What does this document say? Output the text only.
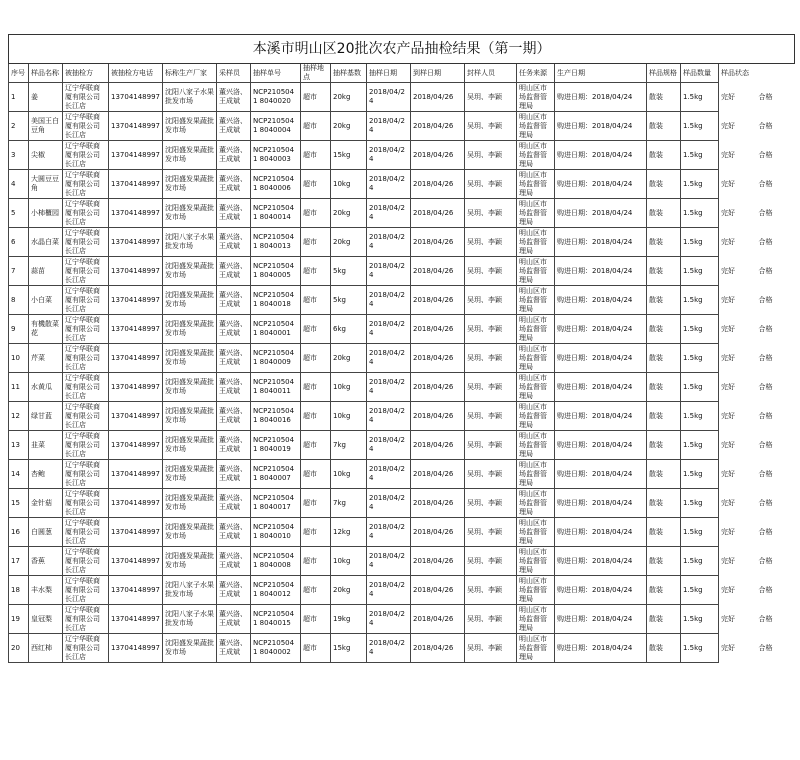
本溪市明山区20批次农产品抽检结果（第一期）																	
序号	样品名称	被抽检方	被抽检方电话	标称生产厂家	采样员	抽样单号	抽样地点	抽样基数	抽样日期	到样日期	封样人员	任务来源	生产日期	样品规格	样品数量	样品状态	
1	姜	辽宁华联商厦有限公司长江店	13704148997	沈阳八家子水果批发市场	董兴洛、王成斌	NCP2105041 8040020	超市	20kg	2018/04/2 4	2018/04/26	吴玥、李颖	明山区市场监督管理局	购进日期：2018/04/24	散装	1.5kg	完好	合格
2	美国王白豆角	辽宁华联商厦有限公司长江店	13704148997	沈阳盛发果蔬批发市场	董兴洛、王成斌	NCP2105041 8040004	超市	20kg	2018/04/2 4	2018/04/26	吴玥、李颖	明山区市场监督管理局	购进日期：2018/04/24	散装	1.5kg	完好	合格
3	尖椒	辽宁华联商厦有限公司长江店	13704148997	沈阳盛发果蔬批发市场	董兴洛、王成斌	NCP2105041 8040003	超市	15kg	2018/04/2 4	2018/04/26	吴玥、李颖	明山区市场监督管理局	购进日期：2018/04/24	散装	1.5kg	完好	合格
4	大圆豆豆角	辽宁华联商厦有限公司长江店	13704148997	沈阳盛发果蔬批发市场	董兴洛、王成斌	NCP2105041 8040006	超市	10kg	2018/04/2 4	2018/04/26	吴玥、李颖	明山区市场监督管理局	购进日期：2018/04/24	散装	1.5kg	完好	合格
5	小柿櫃园	辽宁华联商厦有限公司长江店	13704148997	沈阳盛发果蔬批发市场	董兴洛、王成斌	NCP2105041 8040014	超市	20kg	2018/04/2 4	2018/04/26	吴玥、李颖	明山区市场监督管理局	购进日期：2018/04/24	散装	1.5kg	完好	合格
6	水晶白菜	辽宁华联商厦有限公司长江店	13704148997	沈阳八家子水果批发市场	董兴洛、王成斌	NCP2105041 8040013	超市	20kg	2018/04/2 4	2018/04/26	吴玥、李颖	明山区市场监督管理局	购进日期：2018/04/24	散装	1.5kg	完好	合格
7	蒜苗	辽宁华联商厦有限公司长江店	13704148997	沈阳盛发果蔬批发市场	董兴洛、王成斌	NCP2105041 8040005	超市	5kg	2018/04/2 4	2018/04/26	吴玥、李颖	明山区市场监督管理局	购进日期：2018/04/24	散装	1.5kg	完好	合格
8	小白菜	辽宁华联商厦有限公司长江店	13704148997	沈阳盛发果蔬批发市场	董兴洛、王成斌	NCP2105041 8040018	超市	5kg	2018/04/2 4	2018/04/26	吴玥、李颖	明山区市场监督管理局	购进日期：2018/04/24	散装	1.5kg	完好	合格
9	有機散菜花	辽宁华联商厦有限公司长江店	13704148997	沈阳盛发果蔬批发市场	董兴洛、王成斌	NCP2105041 8040001	超市	6kg	2018/04/2 4	2018/04/26	吴玥、李颖	明山区市场监督管理局	购进日期：2018/04/24	散装	1.5kg	完好	合格
10	芹菜	辽宁华联商厦有限公司长江店	13704148997	沈阳盛发果蔬批发市场	董兴洛、王成斌	NCP2105041 8040009	超市	20kg	2018/04/2 4	2018/04/26	吴玥、李颖	明山区市场监督管理局	购进日期：2018/04/24	散装	1.5kg	完好	合格
11	水黄瓜	辽宁华联商厦有限公司长江店	13704148997	沈阳盛发果蔬批发市场	董兴洛、王成斌	NCP2105041 8040011	超市	10kg	2018/04/2 4	2018/04/26	吴玥、李颖	明山区市场监督管理局	购进日期：2018/04/24	散装	1.5kg	完好	合格
12	绿甘蓝	辽宁华联商厦有限公司长江店	13704148997	沈阳盛发果蔬批发市场	董兴洛、王成斌	NCP2105041 8040016	超市	10kg	2018/04/2 4	2018/04/26	吴玥、李颖	明山区市场监督管理局	购进日期：2018/04/24	散装	1.5kg	完好	合格
13	韭菜	辽宁华联商厦有限公司长江店	13704148997	沈阳盛发果蔬批发市场	董兴洛、王成斌	NCP2105041 8040019	超市	7kg	2018/04/2 4	2018/04/26	吴玥、李颖	明山区市场监督管理局	购进日期：2018/04/24	散装	1.5kg	完好	合格
14	杏鲍	辽宁华联商厦有限公司长江店	13704148997	沈阳盛发果蔬批发市场	董兴洛、王成斌	NCP2105041 8040007	超市	10kg	2018/04/2 4	2018/04/26	吴玥、李颖	明山区市场监督管理局	购进日期：2018/04/24	散装	1.5kg	完好	合格
15	金针菇	辽宁华联商厦有限公司长江店	13704148997	沈阳盛发果蔬批发市场	董兴洛、王成斌	NCP2105041 8040017	超市	7kg	2018/04/2 4	2018/04/26	吴玥、李颖	明山区市场监督管理局	购进日期：2018/04/24	散装	1.5kg	完好	合格
16	白圆葱	辽宁华联商厦有限公司长江店	13704148997	沈阳盛发果蔬批发市场	董兴洛、王成斌	NCP2105041 8040010	超市	12kg	2018/04/2 4	2018/04/26	吴玥、李颖	明山区市场监督管理局	购进日期：2018/04/24	散装	1.5kg	完好	合格
17	香蕉	辽宁华联商厦有限公司长江店	13704148997	沈阳盛发果蔬批发市场	董兴洛、王成斌	NCP2105041 8040008	超市	10kg	2018/04/2 4	2018/04/26	吴玥、李颖	明山区市场监督管理局	购进日期：2018/04/24	散装	1.5kg	完好	合格
18	丰水梨	辽宁华联商厦有限公司长江店	13704148997	沈阳八家子水果批发市场	董兴洛、王成斌	NCP2105041 8040012	超市	20kg	2018/04/2 4	2018/04/26	吴玥、李颖	明山区市场监督管理局	购进日期：2018/04/24	散装	1.5kg	完好	合格
19	皇冠梨	辽宁华联商厦有限公司长江店	13704148997	沈阳八家子水果批发市场	董兴洛、王成斌	NCP2105041 8040015	超市	19kg	2018/04/2 4	2018/04/26	吴玥、李颖	明山区市场监督管理局	购进日期：2018/04/24	散装	1.5kg	完好	合格
20	西红柿	辽宁华联商厦有限公司长江店	13704148997	沈阳盛发果蔬批发市场	董兴洛、王成斌	NCP2105041 8040002	超市	15kg	2018/04/2 4	2018/04/26	吴玥、李颖	明山区市场监督管理局	购进日期：2018/04/24	散装	1.5kg	完好	合格
